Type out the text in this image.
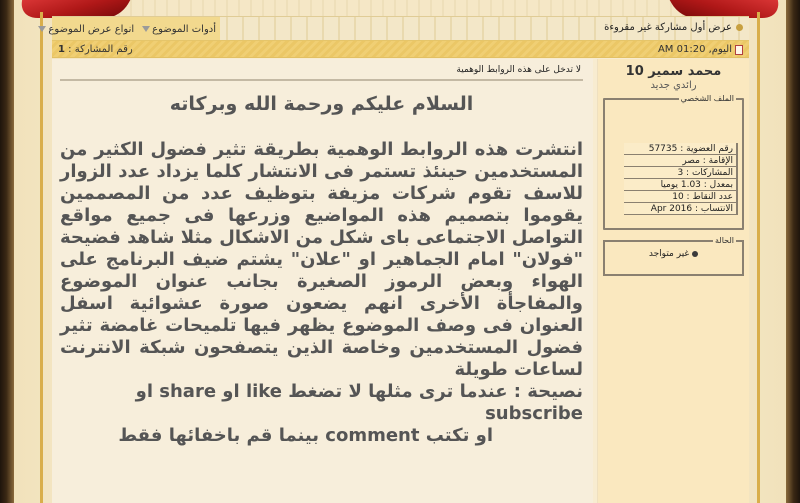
عرض أول مشاركة غير مقروءة
أدوات الموضوع
انواع عرض الموضوع
اليوم, 01:20 AM
رقم المشاركة : 1
محمد سمير 10
رائدي جديد
الملف الشخصي
رقم العضوية : 57735
الإقامة : مصر
المشاركات : 3
بمعدل : 1.03 يوميا
عدد النقاط : 10
الانتساب : Apr 2016
الحالة
غير متواجد
لا تدخل على هذه الروابط الوهمية
السلام عليكم ورحمة الله وبركاته
انتشرت هذه الروابط الوهمية بطريقة تثير فضول الكثير من المستخدمين حينئذ تستمر فى الانتشار كلما يزداد عدد الزوار للاسف تقوم شركات مزيفة بتوظيف عدد من المصممين يقوموا بتصميم هذه المواضيع وزرعها فى جميع مواقع التواصل الاجتماعى باى شكل من الاشكال مثلا شاهد فضيحة "فولان" امام الجماهير او "علان" يشتم ضيف البرنامج على الهواء وبعض الرموز الصغيرة بجانب عنوان الموضوع والمفاجأة الأخرى انهم يضعون صورة عشوائية اسفل العنوان فى وصف الموضوع يظهر فيها تلميحات غامضة تثير فضول المستخدمين وخاصة الذين يتصفحون شبكة الانترنت لساعات طويلة
نصيحة : عندما ترى مثلها لا تضغط like او share او subscribe
او تكتب comment بينما قم باخفائها فقط
